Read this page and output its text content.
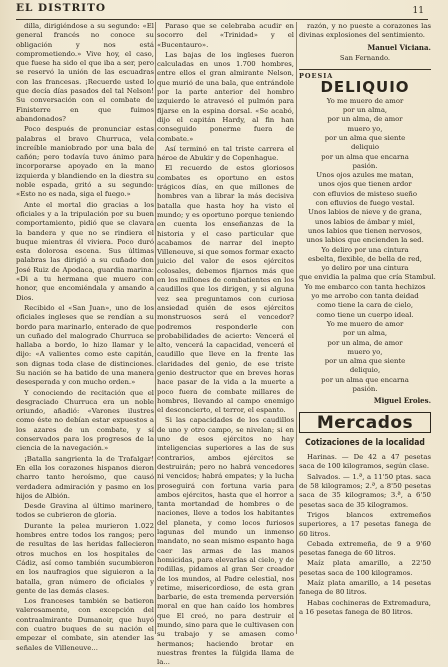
EL DISTRITO	11

dilla, dirigiéndose a su segundo: «El general francés no conoce su obligación y nos está comprometiendo.» Vive hoy, el caso, que fuese ha sido el que iba a ser, pero se reservó la unión de las escuadras con las francesas. ¡Recuerde usted lo que decía días pasados del tal Nelson! Su conversación con el combate de Finisterre en que fuimos abandonados?

Poco después de pronunciar estas palabras el bravo Churruca, vela increíble maniobrado por una bala de cañón; pero todavía tuvo ánimo para incorporarse apoyado en la mano izquierda y blandiendo en la diestra su noble espada, gritó a su segundo: «Esto no es nada, siga el fuego.»

Ante el mortal dio gracias a los oficiales y a la tripulación por su buen comportamiento, pidió que se clavara la bandera y que no se rindiera el buque mientras él viviera. Poco duró esta dolorosa escena. Sus últimas palabras las dirigió a su cuñado don José Ruiz de Apodaca, guardia marina: «Di a tu hermana que muero con honor, que encomiéndala y amando a Dios.

Recibido el «San Juan», uno de los oficiales ingleses que se rendían a su bordo para marinarlo, enterado de que un cuñado del malogrado Churruca se hallaba a bordo, lo hizo llamar y le dijo: «A valientes como este capitán, son dignas toda clase de distinciones. Su nación se ha batido de una manera desesperada y con mucho orden.»

Y conociendo de recitación que el desgraciado Churruca era un noble oriundo, añadió: «Varones ilustres como éste no debían estar expuestos a los azares de un combate, y sí conservados para los progresos de la ciencia de la navegación.»

¡Batalla sangrienta la de Trafalgar! En ella los corazones hispanos dieron charro tanto heroísmo, que causó verdadera admiración y pasmo en los hijos de Albión.

Desde Gravina al último marinero, todos se cubrieron de gloria.

Durante la pelea murieron 1.022 hombres entre todos los rangos; pero de resultas de las heridas fallecieron otros muchos en los hospitales de Cádiz, así como también sucumbieron en los naufragios que siguieron a la batalla, gran número de oficiales y gente de las demás clases.

Los franceses también se batieron valerosamente, con excepción del contraalmirante Dumanoir, que huyó con cuatro buques de su nación el empezar el combate, sin atender las señales de Villeneuve...

Paraso que se celebraba acudir en socorro del «Trinidad» y el «Bucentauro».

Las bajas de los ingleses fueron calculadas en unos 1.700 hombres, entre ellos el gran almirante Nelson, que murió de una bala, que entrándole por la parte anterior del hombro izquierdo le atravesó el pulmón para fijarse en la espina dorsal. «Se acabó, dijo el capitán Hardy, al fin han conseguido ponerme fuera de combate.»

Así terminó en tal triste carrera el héroe de Abukir y de Copenhague.

El recuerdo de estos gloriosos combates es oportuno en estos trágicos días, en que millones de hombres van a librar la más decisiva batalla que hasta hoy ha visto el mundo; y es oportuno porque teniendo en cuenta los enseñanzas de la historia y el caso particular que acabamos de narrar del inepto Villeneuve, si que somos formar exacto juicio del valor de esos ejércitos colosales, debemos fijarnos más que en los millones de combatientes en los caudillos que los dirigen, y si alguna vez sea preguntamos con curiosa ansiedad quién de esos ejércitos monstruosos será el vencedor? podremos responderle con probabilidades de acierto: Vencerá el alto, vencerá la capacidad, vencerá el caudillo que lleve en la frente las claridades del genio, de ese triste genio destructor que en breves horas hace pasar de la vida a la muerte a poco fuera de combate millares de hombres, llevando al campo enemigo el desconcierto, el terror, el espanto.

Si las capacidades de los caudillos de uno y otro campo, se nivelan; si en uno de esos ejércitos no hay inteligencias superiores a las de sus contrarios, ambos ejércitos se destruirán; pero no habrá vencedores ni vencidos; habrá empates; y la lucha proseguirá con fortuna varia para ambos ejércitos, hasta que el horror a tanta mortandad de hombres o de naciones, lleve a todos los habitantes del planeta, y como locos furiosos lagunas del mundo un inmenso mandato, no sean mismo espanto haga caer las armas de las manos homicidas, para elevarlas al cielo, y de rodillas, pidamos al gran Ser creador de los mundos, al Padre celestial, nos retime, misericordioso, de esta gran barbarie, de esta tremenda perversión moral en que han caído los hombres que El creó, no para destruir el mundo, sino para que le cultivasen con su trabajo y se amasen como hermanos; haciendo brotar en nuestras frentes la fúlgida llama de la...

razón, y no pueste a corazones las divinas explosiones del sentimiento.

Manuel Viciana.
San Fernando.
POESIA
DELIQUIO
Yo me muero de amor
por un alma,
por un alma, de amor
muero yo,
por un alma que siente
deliquio
por un alma que encarna
pasión.
Unos ojos azules me matan,
unos ojos que tienen ardor
con efluvios de misteso sueño
con efluvios de fuego vestal.
Unos labios de nieve y de grana,
unos labios de ámbar y miel,
unos labios que tienen nervosos,
unos labios que encienden la sed.
Yo deliro por una cintura
esbelta, flexible, de bella de red,
yo deliro por una cintura
que envidia la palma que cría Stambul.
Yo me embarco con tanta hechizos
yo me arrobo con tanta deidad
como tiene la cara de cielo,
como tiene un cuerpo ideal.
Yo me muero de amor
por un alma,
por un alma, de amor
muero yo,
por un alma que siente
deliquio,
por un alma que encarna
pasión.
Miguel Eroles.
Mercados
Cotizaciones de la localidad

Harinas. — De 42 a 47 pesetas saca de 100 kilogramos, según clase.

Salvados. — 1.ª, a 11'50 ptas. saca de 58 kilogramos; 2.ª, a 8'50 pesetas saca de 35 kilogramos; 3.ª, a 6'50 pesetas saca de 35 kilogramos.

Trigos blancos extremeños superiores, a 17 pesetas fanega de 60 litros.

Cebada extremeña, de 9 a 9'60 pesetas fanega de 60 litros.

Maíz plata amarillo, a 22'50 pesetas saca de 100 kilogramos.

Maíz plata amarillo, a 14 pesetas fanega de 80 litros.

Habas cochineras de Extremadura, a 16 pesetas fanega de 80 litros.
